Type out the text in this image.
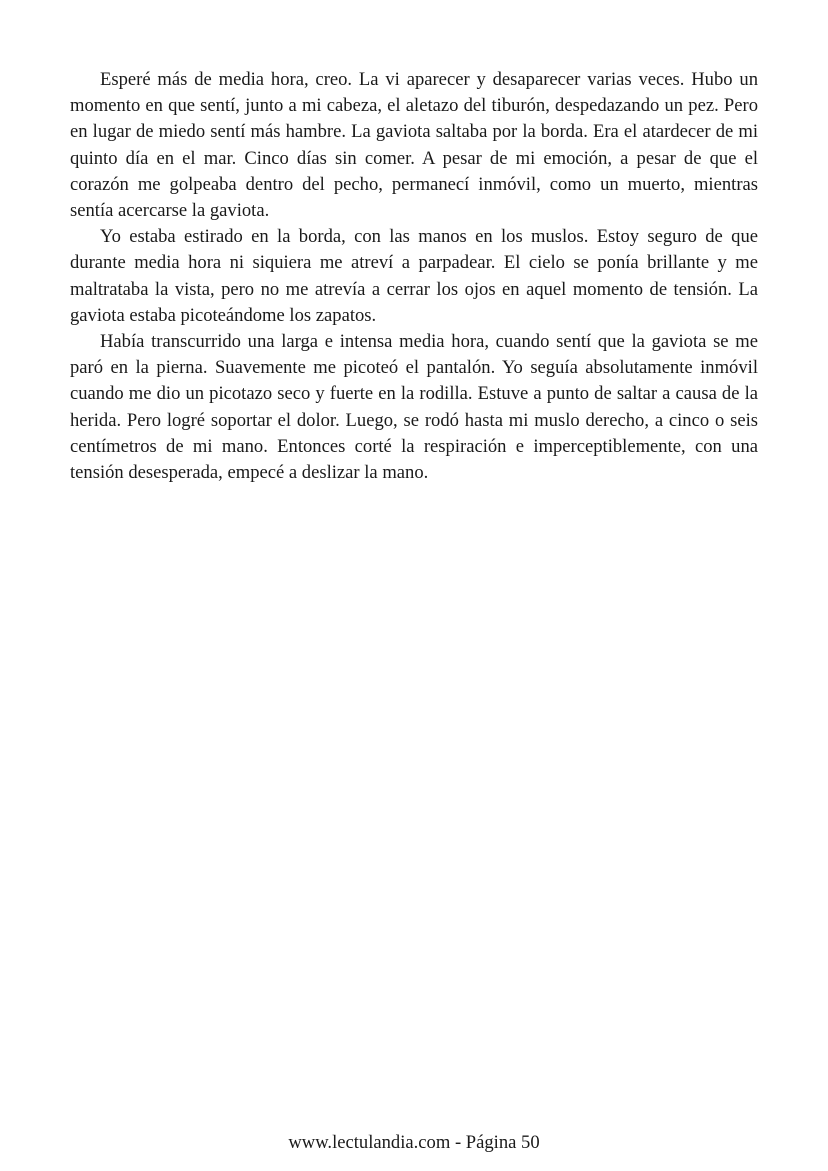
Esperé más de media hora, creo. La vi aparecer y desaparecer varias veces. Hubo un momento en que sentí, junto a mi cabeza, el aletazo del tiburón, despedazando un pez. Pero en lugar de miedo sentí más hambre. La gaviota saltaba por la borda. Era el atardecer de mi quinto día en el mar. Cinco días sin comer. A pesar de mi emoción, a pesar de que el corazón me golpeaba dentro del pecho, permanecí inmóvil, como un muerto, mientras sentía acercarse la gaviota.

Yo estaba estirado en la borda, con las manos en los muslos. Estoy seguro de que durante media hora ni siquiera me atreví a parpadear. El cielo se ponía brillante y me maltrataba la vista, pero no me atrevía a cerrar los ojos en aquel momento de tensión. La gaviota estaba picoteándome los zapatos.

Había transcurrido una larga e intensa media hora, cuando sentí que la gaviota se me paró en la pierna. Suavemente me picoteó el pantalón. Yo seguía absolutamente inmóvil cuando me dio un picotazo seco y fuerte en la rodilla. Estuve a punto de saltar a causa de la herida. Pero logré soportar el dolor. Luego, se rodó hasta mi muslo derecho, a cinco o seis centímetros de mi mano. Entonces corté la respiración e imperceptiblemente, con una tensión desesperada, empecé a deslizar la mano.

www.lectulandia.com - Página 50
